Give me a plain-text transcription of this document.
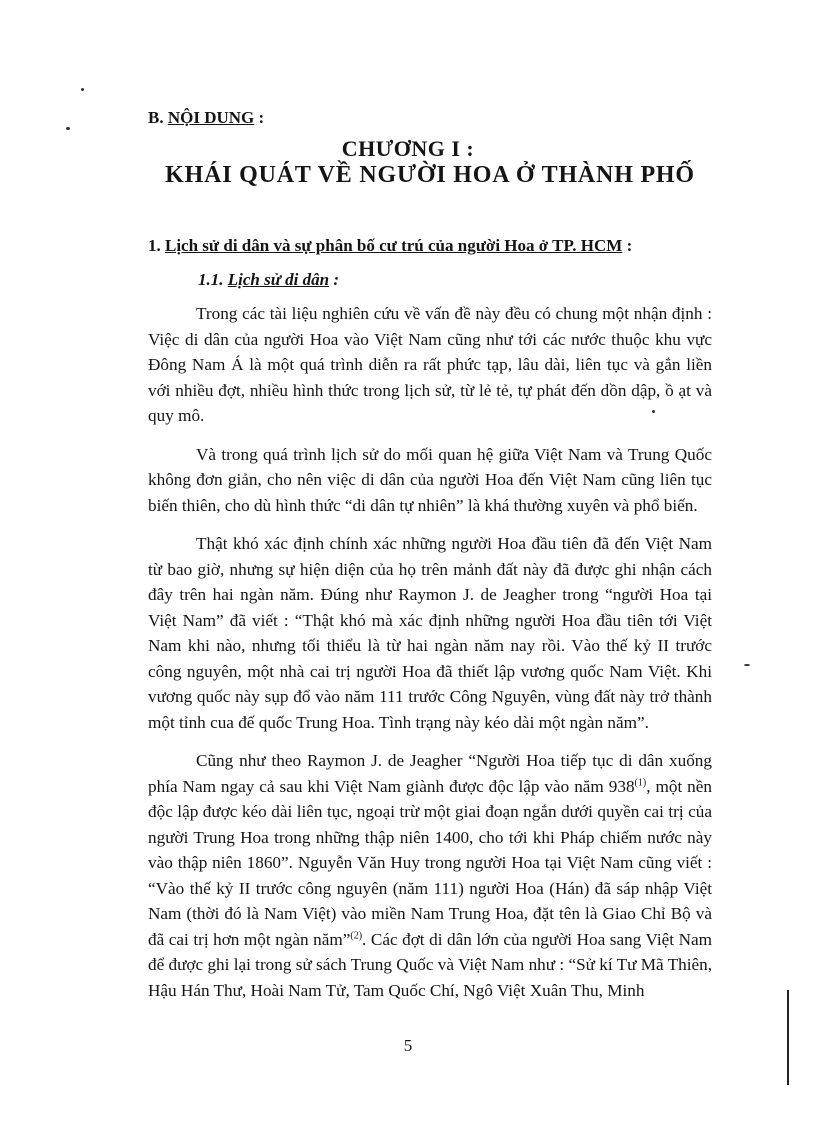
B. NỘI DUNG :
CHƯƠNG I :
KHÁI QUÁT VỀ NGƯỜI HOA Ở THÀNH PHỐ
1. Lịch sử di dân và sự phân bố cư trú của người Hoa ở TP. HCM :
1.1. Lịch sử di dân :

Trong các tài liệu nghiên cứu về vấn đề này đều có chung một nhận định : Việc di dân của người Hoa vào Việt Nam cũng như tới các nước thuộc khu vực Đông Nam Á là một quá trình diễn ra rất phức tạp, lâu dài, liên tục và gắn liền với nhiều đợt, nhiều hình thức trong lịch sử, từ lẻ tẻ, tự phát đến dồn dập, ồ ạt và quy mô.

Và trong quá trình lịch sử do mối quan hệ giữa Việt Nam và Trung Quốc không đơn giản, cho nên việc di dân của người Hoa đến Việt Nam cũng liên tục biến thiên, cho dù hình thức “di dân tự nhiên” là khá thường xuyên và phổ biến.

Thật khó xác định chính xác những người Hoa đầu tiên đã đến Việt Nam từ bao giờ, nhưng sự hiện diện của họ trên mảnh đất này đã được ghi nhận cách đây trên hai ngàn năm. Đúng như Raymon J. de Jeagher trong “người Hoa tại Việt Nam” đã viết : “Thật khó mà xác định những người Hoa đầu tiên tới Việt Nam khi nào, nhưng tối thiểu là từ hai ngàn năm nay rồi. Vào thế kỷ II trước công nguyên, một nhà cai trị người Hoa đã thiết lập vương quốc Nam Việt. Khi vương quốc này sụp đổ vào năm 111 trước Công Nguyên, vùng đất này trở thành một tỉnh cua đế quốc Trung Hoa. Tình trạng này kéo dài một ngàn năm”.

Cũng như theo Raymon J. de Jeagher “Người Hoa tiếp tục di dân xuống phía Nam ngay cả sau khi Việt Nam giành được độc lập vào năm 938$^{(1)}$, một nền độc lập được kéo dài liên tục, ngoại trừ một giai đoạn ngắn dưới quyền cai trị của người Trung Hoa trong những thập niên 1400, cho tới khi Pháp chiếm nước này vào thập niên 1860”. Nguyễn Văn Huy trong người Hoa tại Việt Nam cũng viết : “Vào thế kỷ II trước công nguyên (năm 111) người Hoa (Hán) đã sáp nhập Việt Nam (thời đó là Nam Việt) vào miền Nam Trung Hoa, đặt tên là Giao Chỉ Bộ và đã cai trị hơn một ngàn năm”$^{(2)}$. Các đợt di dân lớn của người Hoa sang Việt Nam để được ghi lại trong sử sách Trung Quốc và Việt Nam như : “Sử kí Tư Mã Thiên, Hậu Hán Thư, Hoài Nam Tử, Tam Quốc Chí, Ngô Việt Xuân Thu, Minh

5
